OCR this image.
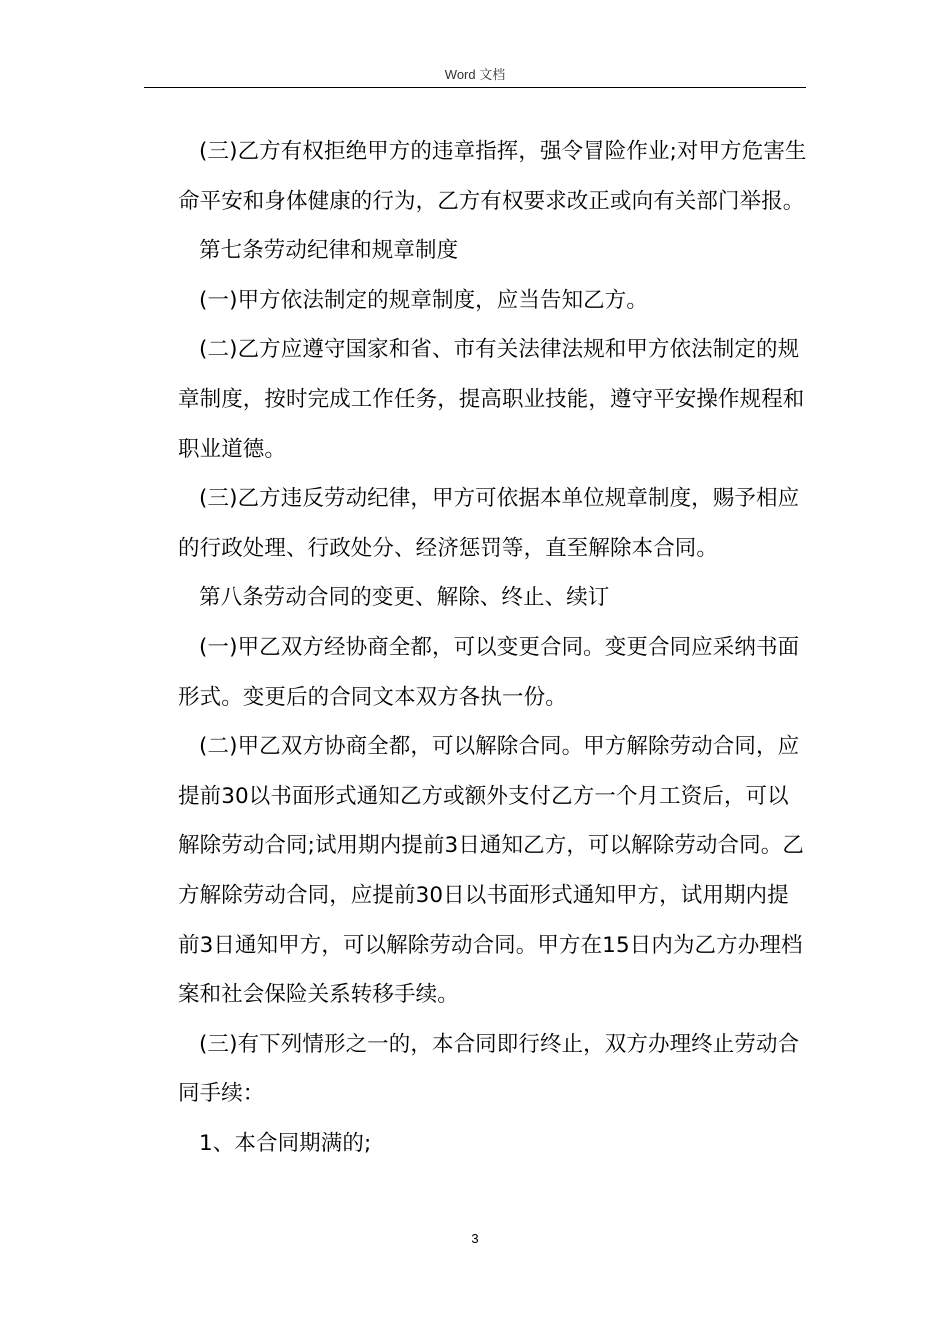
Word 文档

(三)乙方有权拒绝甲方的违章指挥，强令冒险作业;对甲方危害生命平安和身体健康的行为，乙方有权要求改正或向有关部门举报。

第七条劳动纪律和规章制度

(一)甲方依法制定的规章制度，应当告知乙方。

(二)乙方应遵守国家和省、市有关法律法规和甲方依法制定的规章制度，按时完成工作任务，提高职业技能，遵守平安操作规程和职业道德。

(三)乙方违反劳动纪律，甲方可依据本单位规章制度，赐予相应的行政处理、行政处分、经济惩罚等，直至解除本合同。

第八条劳动合同的变更、解除、终止、续订

(一)甲乙双方经协商全都，可以变更合同。变更合同应采纳书面形式。变更后的合同文本双方各执一份。

(二)甲乙双方协商全都，可以解除合同。甲方解除劳动合同，应提前30以书面形式通知乙方或额外支付乙方一个月工资后，可以解除劳动合同;试用期内提前3日通知乙方，可以解除劳动合同。乙方解除劳动合同，应提前30日以书面形式通知甲方，试用期内提前3日通知甲方，可以解除劳动合同。甲方在15日内为乙方办理档案和社会保险关系转移手续。

(三)有下列情形之一的，本合同即行终止，双方办理终止劳动合同手续：

1、本合同期满的;

3
